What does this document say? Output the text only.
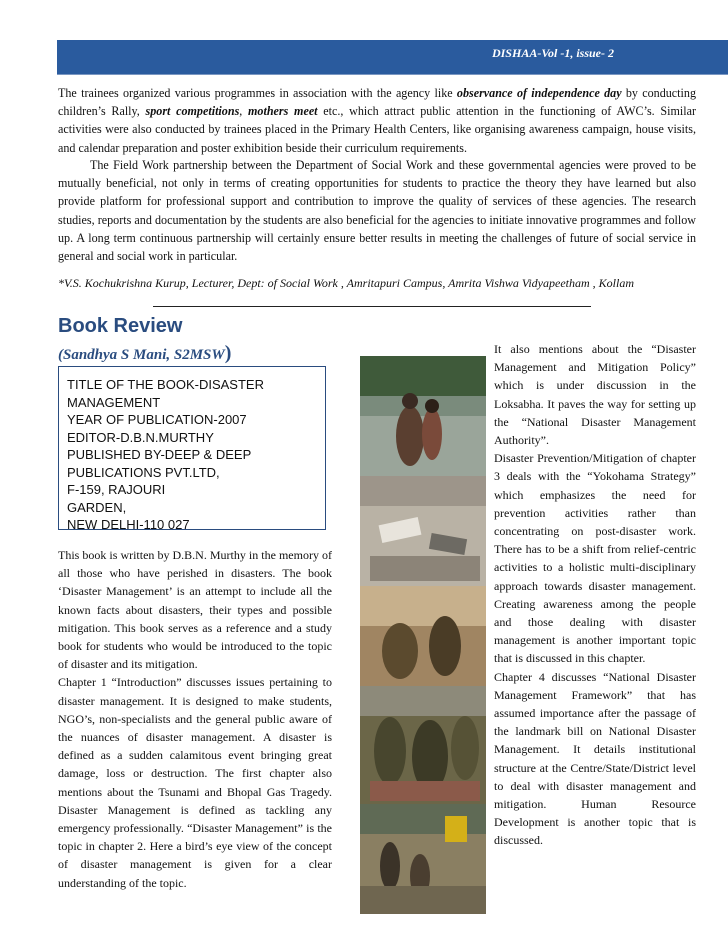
DISHAA-Vol -1, issue- 2

The trainees organized various programmes in association with the agency like observance of independence day by conducting children’s Rally, sport competitions, mothers meet etc., which attract public attention in the functioning of AWC’s. Similar activities were also conducted by trainees placed in the Primary Health Centers, like organising awareness campaign, house visits, and calendar preparation and poster exhibition beside their curriculum requirements.

The Field Work partnership between the Department of Social Work and these governmental agencies were proved to be mutually beneficial, not only in terms of creating opportunities for students to practice the theory they have learned but also provide platform for professional support and contribution to improve the quality of services of these agencies. The research studies, reports and documentation by the students are also beneficial for the agencies to initiate innovative programmes and follow up. A long term continuous partnership will certainly ensure better results in meeting the challenges of future of social service in general and social work in particular.

*V.S. Kochukrishna Kurup, Lecturer, Dept: of Social Work , Amritapuri Campus, Amrita Vishwa Vidyapeetham , Kollam
Book Review
(Sandhya S Mani, S2MSW)
TITLE OF THE BOOK-DISASTER
MANAGEMENT
YEAR OF PUBLICATION-2007
EDITOR-D.B.N.MURTHY
PUBLISHED BY-DEEP & DEEP
PUBLICATIONS PVT.LTD,
F-159, RAJOURI
GARDEN,
NEW DELHI-110 027

This book is written by D.B.N. Murthy in the memory of all those who have perished in disasters. The book ‘Disaster Management’ is an attempt to include all the known facts about disasters, their types and possible mitigation. This book serves as a reference and a study book for students who would be introduced to the topic of disaster and its mitigation.

Chapter 1 “Introduction” discusses issues pertaining to disaster management. It is designed to make students, NGO’s, non-specialists and the general public aware of the nuances of disaster management. A disaster is defined as a sudden calamitous event bringing great damage, loss or destruction. The first chapter also mentions about the Tsunami and Bhopal Gas Tragedy. Disaster Management is defined as tackling any emergency professionally. “Disaster Management” is the topic in chapter 2. Here a bird’s eye view of the concept of disaster management is given for a clear understanding of the topic.

It also mentions about the “Disaster Management and Mitigation Policy” which is under discussion in the Loksabha. It paves the way for setting up the “National Disaster Management Authority”.

Disaster Prevention/Mitigation of chapter 3 deals with the “Yokohama Strategy” which emphasizes the need for prevention activities rather than concentrating on post-disaster work. There has to be a shift from relief-centric activities to a holistic multi-disciplinary approach towards disaster management. Creating awareness among the people and those dealing with disaster management is another important topic that is discussed in this chapter.

Chapter 4 discusses “National Disaster Management Framework” that has assumed importance after the passage of the landmark bill on National Disaster Management. It details institutional structure at the Centre/State/District level to deal with disaster management and mitigation. Human Resource Development is another topic that is discussed.
